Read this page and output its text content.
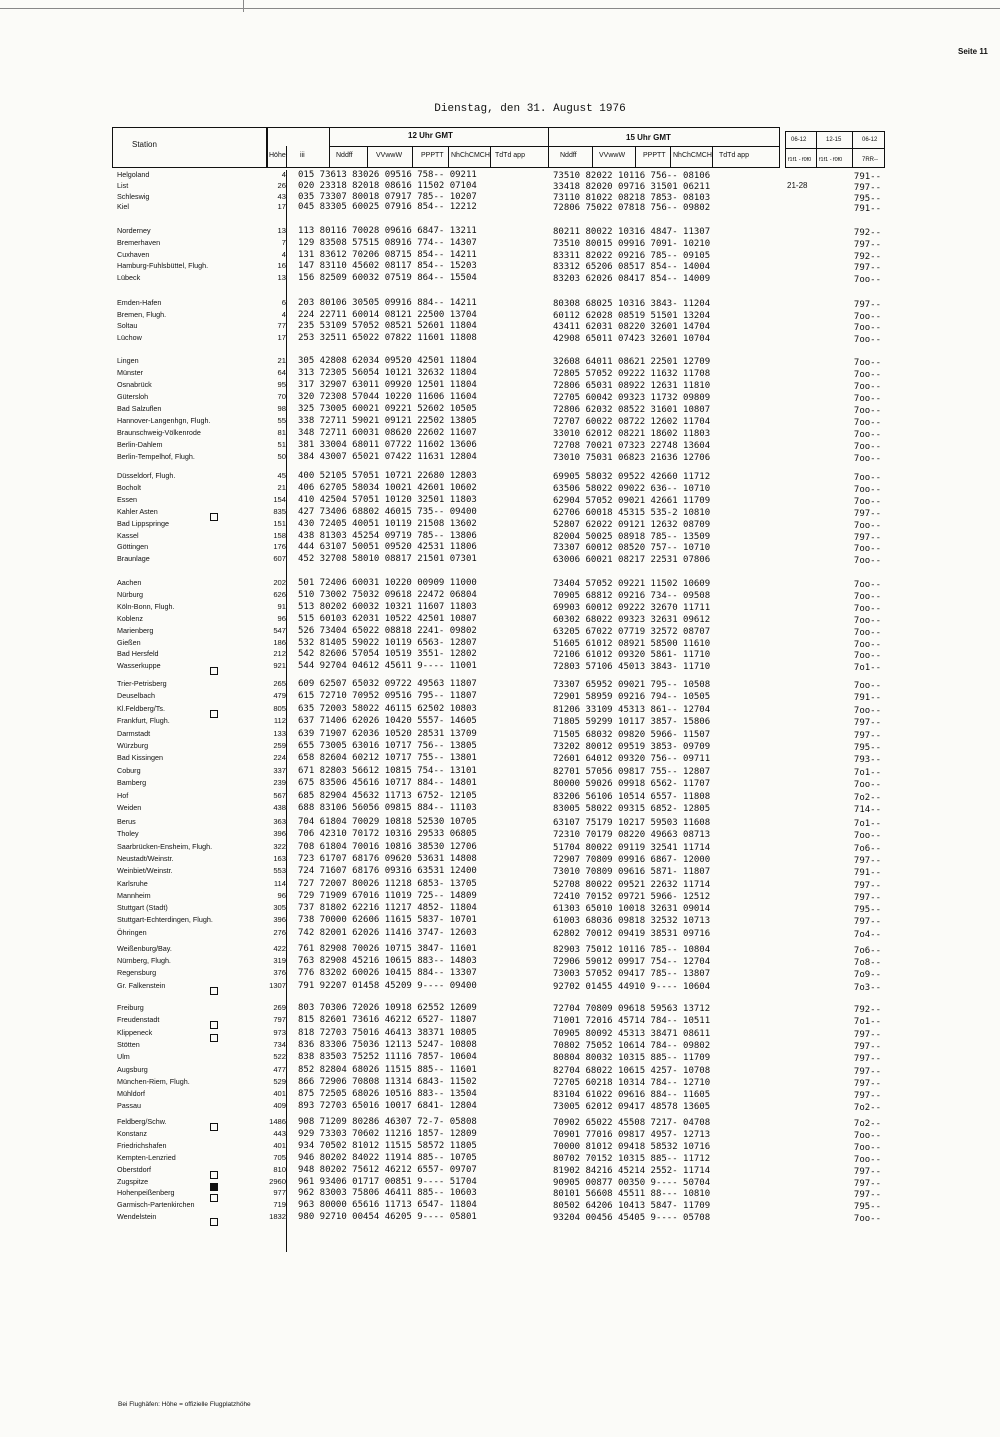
Seite 11
Dienstag, den 31. August 1976
Station
12 Uhr GMT	15 Uhr GMT
Höhe iii	Nddff	VVwwW	PPPTT NhChCMCH TdTd app	Nddff	VVwwW	PPPTT NhChCMCH TdTd app
06-12	12-15	06-12
f1f1 - f0f0 f1f1 - f0f0	7RR--
Helgoland	4 015 73613 83026 09516 758-- 09211	73510 82022 10116 756-- 08106	791--
List	26 020 23318 82018 08616 11502 07104	33418 82020 09716 31501 06211	21-28	797--
Schleswig	43 035 73307 80018 07917 785-- 10207	73110 81022 08218 7853- 08103	795--
Kiel	17 045 83305 60025 07916 854-- 12212	72806 75022 07818 756-- 09802	791--
Norderney	13 113 80116 70028 09616 6847- 13211	80211 80022 10316 4847- 11307	792--
Bremerhaven	7 129 83508 57515 08916 774-- 14307	73510 80015 09916 7091- 10210	797--
Cuxhaven	4 131 83612 70206 08715 854-- 14211	83311 82022 09216 785-- 09105	792--
Hamburg-Fuhlsbüttel, Flugh.	16 147 83110 45602 08117 854-- 15203	83312 65206 08517 854-- 14004	797--
Lübeck	13 156 82509 60032 07519 864-- 15504	83203 62026 08417 854-- 14009	7oo--
Emden-Hafen	6 203 80106 30505 09916 884-- 14211	80308 68025 10316 3843- 11204	797--
Bremen, Flugh.	4 224 22711 60014 08121 22500 13704	60112 62028 08519 51501 13204	7oo--
Soltau	77 235 53109 57052 08521 52601 11804	43411 62031 08220 32601 14704	7oo--
Lüchow	17 253 32511 65022 07822 11601 11808	42908 65011 07423 32601 10704	7oo--
Lingen	21 305 42808 62034 09520 42501 11804	32608 64011 08621 22501 12709	7oo--
Münster	64 313 72305 56054 10121 32632 11804	72805 57052 09222 11632 11708	7oo--
Osnabrück	95 317 32907 63011 09920 12501 11804	72806 65031 08922 12631 11810	7oo--
Gütersloh	70 320 72308 57044 10220 11606 11604	72705 60042 09323 11732 09809	7oo--
Bad Salzuflen	98 325 73005 60021 09221 52602 10505	72806 62032 08522 31601 10807	7oo--
Hannover-Langenhgn, Flugh.	55 338 72711 59021 09121 22502 13805	72707 60022 08722 12602 11704	7oo--
Braunschweig-Völkenrode	81 348 72711 60031 08620 22602 11607	33010 62012 08221 18602 11803	7oo--
Berlin-Dahlem	51 381 33004 68011 07722 11602 13606	72708 70021 07323 22748 13604	7oo--
Berlin-Tempelhof, Flugh.	50 384 43007 65021 07422 11631 12804	73010 75031 06823 21636 12706	7oo--
Düsseldorf, Flugh.	45 400 52105 57051 10721 22680 12803	69905 58032 09522 42660 11712	7oo--
Bocholt	21 406 62705 58034 10021 42601 10602	63506 58022 09022 636-- 10710	7oo--
Essen	154 410 42504 57051 10120 32501 11803	62904 57052 09021 42661 11709	7oo--
Kahler Asten	835 427 73406 68802 46015 735-- 09400	62706 60018 45315 535-2 10810	797--
Bad Lippspringe	151 430 72405 40051 10119 21508 13602	52807 62022 09121 12632 08709	7oo--
Kassel	158 438 81303 45254 09719 785-- 13806	82004 50025 08918 785-- 13509	797--
Göttingen	176 444 63107 50051 09520 42531 11806	73307 60012 08520 757-- 10710	7oo--
Braunlage	607 452 32708 58010 08817 21501 07301	63006 60021 08217 22531 07806	7oo--
Aachen	202 501 72406 60031 10220 00909 11000	73404 57052 09221 11502 10609	7oo--
Nürburg	626 510 73002 75032 09618 22472 06804	70905 68812 09216 734-- 09508	7oo--
Köln-Bonn, Flugh.	91 513 80202 60032 10321 11607 11803	69903 60012 09222 32670 11711	7oo--
Koblenz	96 515 60103 62031 10522 42501 10807	60302 68022 09323 32631 09612	7oo--
Marienberg	547 526 73404 65022 08818 2241- 09802	63205 67022 07719 32572 08707	7oo--
Gießen	186 532 81405 59022 10119 6563- 12807	51605 61012 08921 58500 11610	7oo--
Bad Hersfeld	212 542 82606 57054 10519 3551- 12802	72106 61012 09320 5861- 11710	7oo--
Wasserkuppe	921 544 92704 04612 45611 9---- 11001	72803 57106 45013 3843- 11710	7o1--
Trier-Petrisberg	265 609 62507 65032 09722 49563 11807	73307 65952 09021 795-- 10508	7oo--
Deuselbach	479 615 72710 70952 09516 795-- 11807	72901 58959 09216 794-- 10505	791--
Kl.Feldberg/Ts.	805 635 72003 58022 46115 62502 10803	81206 33109 45313 861-- 12704	7oo--
Frankfurt, Flugh.	112 637 71406 62026 10420 5557- 14605	71805 59299 10117 3857- 15806	797--
Darmstadt	133 639 71907 62036 10520 28531 13709	71505 68032 09820 5966- 11507	797--
Würzburg	259 655 73005 63016 10717 756-- 13805	73202 80012 09519 3853- 09709	795--
Bad Kissingen	224 658 82604 60212 10717 755-- 13801	72601 64012 09320 756-- 09711	793--
Coburg	337 671 82803 56612 10815 754-- 13101	82701 57056 09817 755-- 12807	7o1--
Bamberg	239 675 83506 45616 10717 884-- 14801	80000 59026 09918 6562- 11707	7oo--
Hof	567 685 82904 45632 11713 6752- 12105	83206 56106 10514 6557- 11808	7o2--
Weiden	438 688 83106 56056 09815 884-- 11103	83005 58022 09315 6852- 12805	714--
Berus	363 704 61804 70029 10818 52530 10705	63107 75179 10217 59503 11608	7o1--
Tholey	396 706 42310 70172 10316 29533 06805	72310 70179 08220 49663 08713	7oo--
Saarbrücken-Ensheim, Flugh.	322 708 61804 70016 10816 38530 12706	51704 80022 09119 32541 11714	7o6--
Neustadt/Weinstr.	163 723 61707 68176 09620 53631 14808	72907 70809 09916 6867- 12000	797--
Weinbiet/Weinstr.	553 724 71607 68176 09316 63531 12400	73010 70809 09616 5871- 11807	791--
Karlsruhe	114 727 72007 80026 11218 6853- 13705	52708 80022 09521 22632 11714	797--
Mannheim	96 729 71909 67016 11019 725-- 14809	72410 70152 09721 5966- 12512	797--
Stuttgart (Stadt)	305 737 81802 62216 11217 4852- 11804	61303 65010 10018 32631 09014	795--
Stuttgart-Echterdingen, Flugh.	396 738 70000 62606 11615 5837- 10701	61003 68036 09818 32532 10713	797--
Öhringen	276 742 82001 62026 11416 3747- 12603	62802 70012 09419 38531 09716	7o4--
Weißenburg/Bay.	422 761 82908 70026 10715 3847- 11601	82903 75012 10116 785-- 10804	7o6--
Nürnberg, Flugh.	319 763 82908 45216 10615 883-- 14803	72906 59012 09917 754-- 12704	7o8--
Regensburg	376 776 83202 60026 10415 884-- 13307	73003 57052 09417 785-- 13807	7o9--
Gr. Falkenstein	1307 791 92207 01458 45209 9---- 09400	92702 01455 44910 9---- 10604	7o3--
Freiburg	269 803 70306 72026 10918 62552 12609	72704 70809 09618 59563 13712	792--
Freudenstadt	797 815 82601 73616 46212 6527- 11807	71001 72016 45714 784-- 10511	7o1--
Klippeneck	973 818 72703 75016 46413 38371 10805	70905 80092 45313 38471 08611	797--
Stötten	734 836 83306 75036 12113 5247- 10808	70802 75052 10614 784-- 09802	797--
Ulm	522 838 83503 75252 11116 7857- 10604	80804 80032 10315 885-- 11709	797--
Augsburg	477 852 82804 68026 11515 885-- 11601	82704 68022 10615 4257- 10708	797--
München-Riem, Flugh.	529 866 72906 70808 11314 6843- 11502	72705 60218 10314 784-- 12710	797--
Mühldorf	401 875 72505 68026 10516 883-- 13504	83104 61022 09616 884-- 11605	797--
Passau	409 893 72703 65016 10017 6841- 12804	73005 62012 09417 48578 13605	7o2--
Feldberg/Schw.	1486 908 71209 80286 46307 72-7- 05808	70902 65022 45508 7217- 04708	7o2--
Konstanz	443 929 73303 70602 11216 1857- 12809	70901 77016 09817 4957- 12713	7oo--
Friedrichshafen	401 934 70502 81012 11515 58572 11805	70000 81012 09418 58532 10716	7oo--
Kempten-Lenzried	705 946 80202 84022 11914 885-- 10705	80702 70152 10315 885-- 11712	7oo--
Oberstdorf	810 948 80202 75612 46212 6557- 09707	81902 84216 45214 2552- 11714	797--
Zugspitze	2960 961 93406 01717 00851 9---- 51704	90905 00877 00350 9---- 50704	797--
Hohenpeißenberg	977 962 83003 75806 46411 885-- 10603	80101 56608 45511 88--- 10810	797--
Garmisch-Partenkirchen	719 963 80000 65616 11713 6547- 11804	80502 64206 10413 5847- 11709	795--
Wendelstein	1832 980 92710 00454 46205 9---- 05801	93204 00456 45405 9---- 05708	7oo--
Bei Flughäfen: Höhe = offizielle Flugplatzhöhe
